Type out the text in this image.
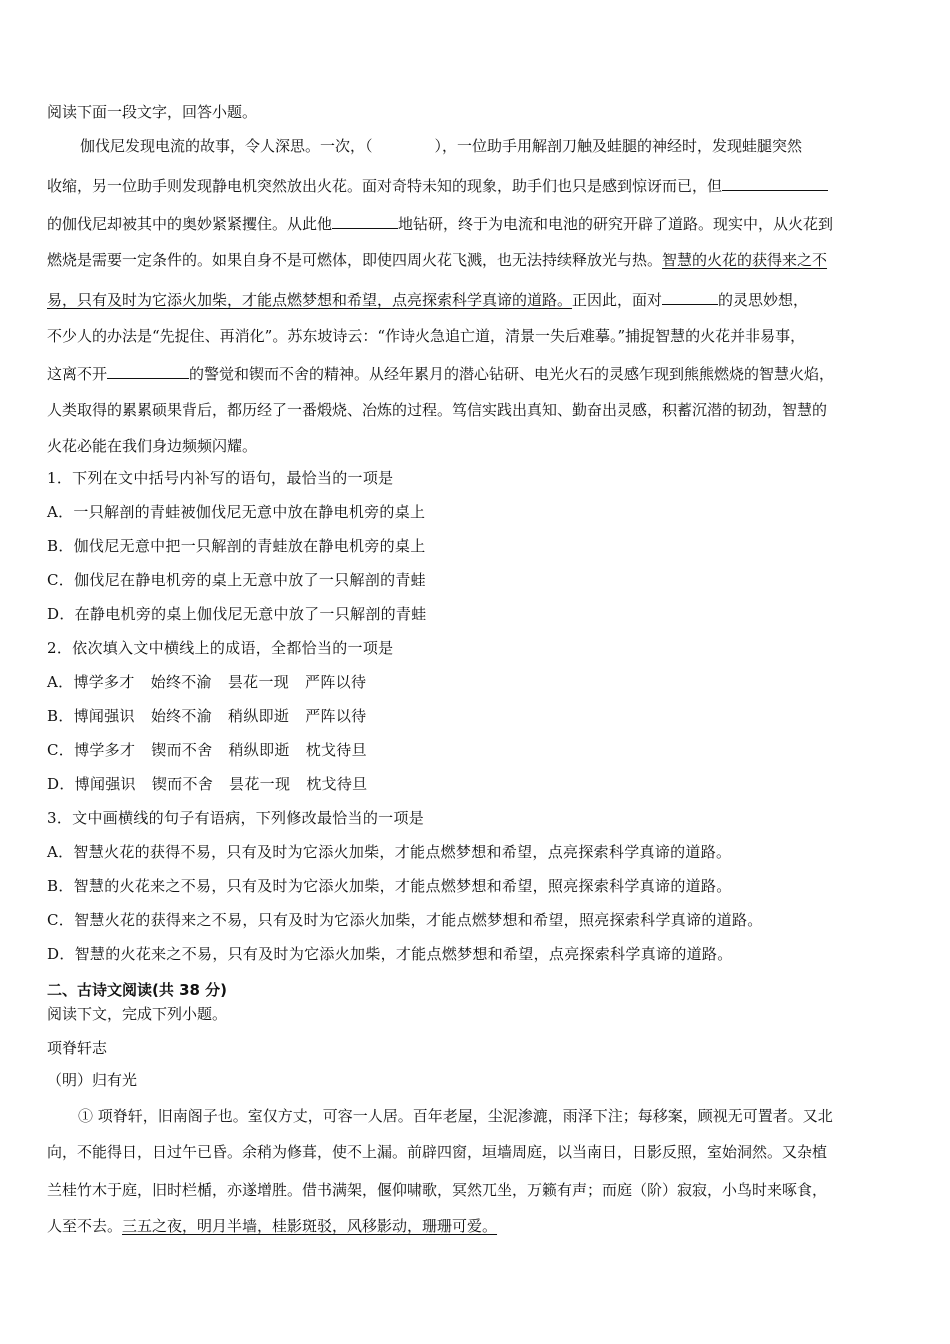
阅读下面一段文字，回答小题。
伽伐尼发现电流的故事，令人深思。一次，（	），一位助手用解剖刀触及蛙腿的神经时，发现蛙腿突然
收缩，另一位助手则发现静电机突然放出火花。面对奇特未知的现象，助手们也只是感到惊讶而已，但
的伽伐尼却被其中的奥妙紧紧攫住。从此他	地钻研，终于为电流和电池的研究开辟了道路。现实中，从火花到
燃烧是需要一定条件的。如果自身不是可燃体，即使四周火花飞溅，也无法持续释放光与热。智慧的火花的获得来之不
易，只有及时为它添火加柴，才能点燃梦想和希望，点亮探索科学真谛的道路。正因此，面对	的灵思妙想，
不少人的办法是“先捉住、再消化”。苏东坡诗云：“作诗火急追亡道，清景一失后难摹。”捕捉智慧的火花并非易事，
这离不开	的警觉和锲而不舍的精神。从经年累月的潜心钻研、电光火石的灵感乍现到熊熊燃烧的智慧火焰，
人类取得的累累硕果背后，都历经了一番煅烧、冶炼的过程。笃信实践出真知、勤奋出灵感，积蓄沉潜的韧劲，智慧的
火花必能在我们身边频频闪耀。
1．下列在文中括号内补写的语句，最恰当的一项是
A．一只解剖的青蛙被伽伐尼无意中放在静电机旁的桌上
B．伽伐尼无意中把一只解剖的青蛙放在静电机旁的桌上
C．伽伐尼在静电机旁的桌上无意中放了一只解剖的青蛙
D．在静电机旁的桌上伽伐尼无意中放了一只解剖的青蛙
2．依次填入文中横线上的成语，全都恰当的一项是
A．博学多才 始终不渝 昙花一现 严阵以待
B．博闻强识 始终不渝 稍纵即逝 严阵以待
C．博学多才 锲而不舍 稍纵即逝 枕戈待旦
D．博闻强识 锲而不舍 昙花一现 枕戈待旦
3．文中画横线的句子有语病，下列修改最恰当的一项是
A．智慧火花的获得不易，只有及时为它添火加柴，才能点燃梦想和希望，点亮探索科学真谛的道路。
B．智慧的火花来之不易，只有及时为它添火加柴，才能点燃梦想和希望，照亮探索科学真谛的道路。
C．智慧火花的获得来之不易，只有及时为它添火加柴，才能点燃梦想和希望，照亮探索科学真谛的道路。
D．智慧的火花来之不易，只有及时为它添火加柴，才能点燃梦想和希望，点亮探索科学真谛的道路。
二、古诗文阅读(共 38 分)
阅读下文，完成下列小题。
项脊轩志
（明）归有光
① 项脊轩，旧南阁子也。室仅方丈，可容一人居。百年老屋，尘泥渗漉，雨泽下注；每移案，顾视无可置者。又北
向，不能得日，日过午已昏。余稍为修葺，使不上漏。前辟四窗，垣墙周庭，以当南日，日影反照，室始洞然。又杂植
兰桂竹木于庭，旧时栏楯，亦遂增胜。借书满架，偃仰啸歌，冥然兀坐，万籁有声；而庭（阶）寂寂，小鸟时来啄食，
人至不去。三五之夜，明月半墙，桂影斑驳，风移影动，珊珊可爱。
